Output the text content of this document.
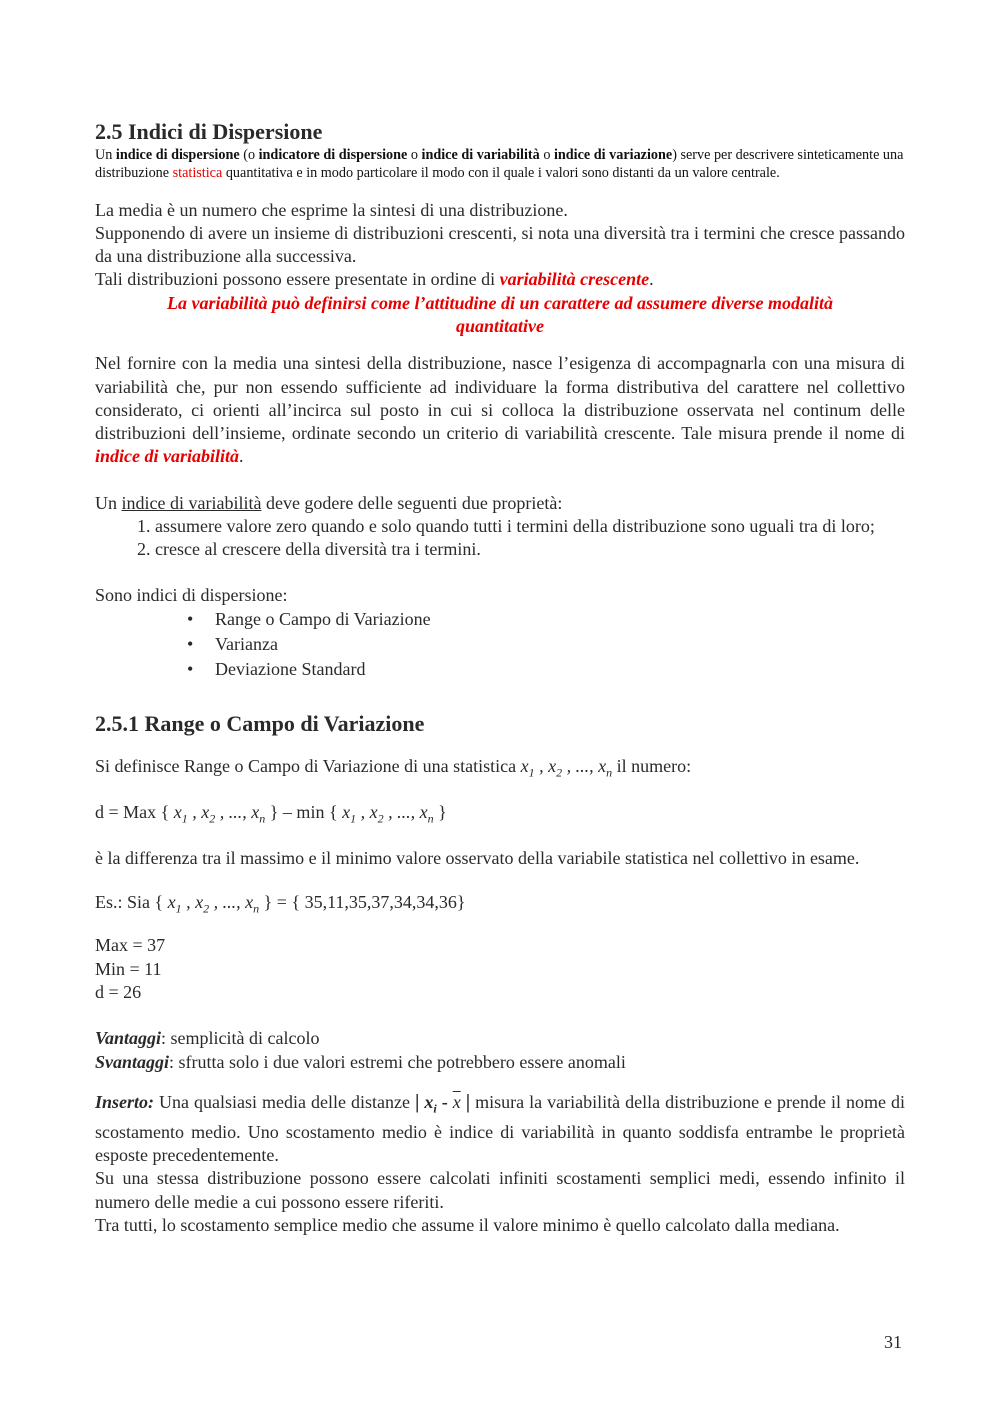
2.5 Indici di Dispersione

Un indice di dispersione (o indicatore di dispersione o indice di variabilità o indice di variazione) serve per descrivere sinteticamente una distribuzione statistica quantitativa e in modo particolare il modo con il quale i valori sono distanti da un valore centrale.

La media è un numero che esprime la sintesi di una distribuzione.

Supponendo di avere un insieme di distribuzioni crescenti, si nota una diversità tra i termini che cresce passando da una distribuzione alla successiva.

Tali distribuzioni possono essere presentate in ordine di variabilità crescente.

La variabilità può definirsi come l’attitudine di un carattere ad assumere diverse modalità quantitative

Nel fornire con la media una sintesi della distribuzione, nasce l’esigenza di accompagnarla con una misura di variabilità che, pur non essendo sufficiente ad individuare la forma distributiva del carattere nel collettivo considerato, ci orienti all’incirca sul posto in cui si colloca la distribuzione osservata nel continum delle distribuzioni dell’insieme, ordinate secondo un criterio di variabilità crescente. Tale misura prende il nome di indice di variabilità.

Un indice di variabilità deve godere delle seguenti due proprietà:

1. assumere valore zero quando e solo quando tutti i termini della distribuzione sono uguali tra di loro;
2. cresce al crescere della diversità tra i termini.

Sono indici di dispersione:

• Range o Campo di Variazione
• Varianza
• Deviazione Standard
2.5.1 Range o Campo di Variazione

Si definisce Range o Campo di Variazione di una statistica $x_1$ , $x_2$ , ..., $x_n$ il numero:

d = Max { $x_1$ , $x_2$ , ..., $x_n$ } – min { $x_1$ , $x_2$ , ..., $x_n$ }

è la differenza tra il massimo e il minimo valore osservato della variabile statistica nel collettivo in esame.

Es.: Sia { $x_1$ , $x_2$ , ..., $x_n$ } = { 35,11,35,37,34,34,36}

Max = 37

Min = 11

d = 26

Vantaggi: semplicità di calcolo

Svantaggi: sfrutta solo i due valori estremi che potrebbero essere anomali

Inserto: Una qualsiasi media delle distanze | $x_i - \overline{x}$ | misura la variabilità della distribuzione e prende il nome di scostamento medio. Uno scostamento medio è indice di variabilità in quanto soddisfa entrambe le proprietà esposte precedentemente.

Su una stessa distribuzione possono essere calcolati infiniti scostamenti semplici medi, essendo infinito il numero delle medie a cui possono essere riferiti.

Tra tutti, lo scostamento semplice medio che assume il valore minimo è quello calcolato dalla mediana.

31
